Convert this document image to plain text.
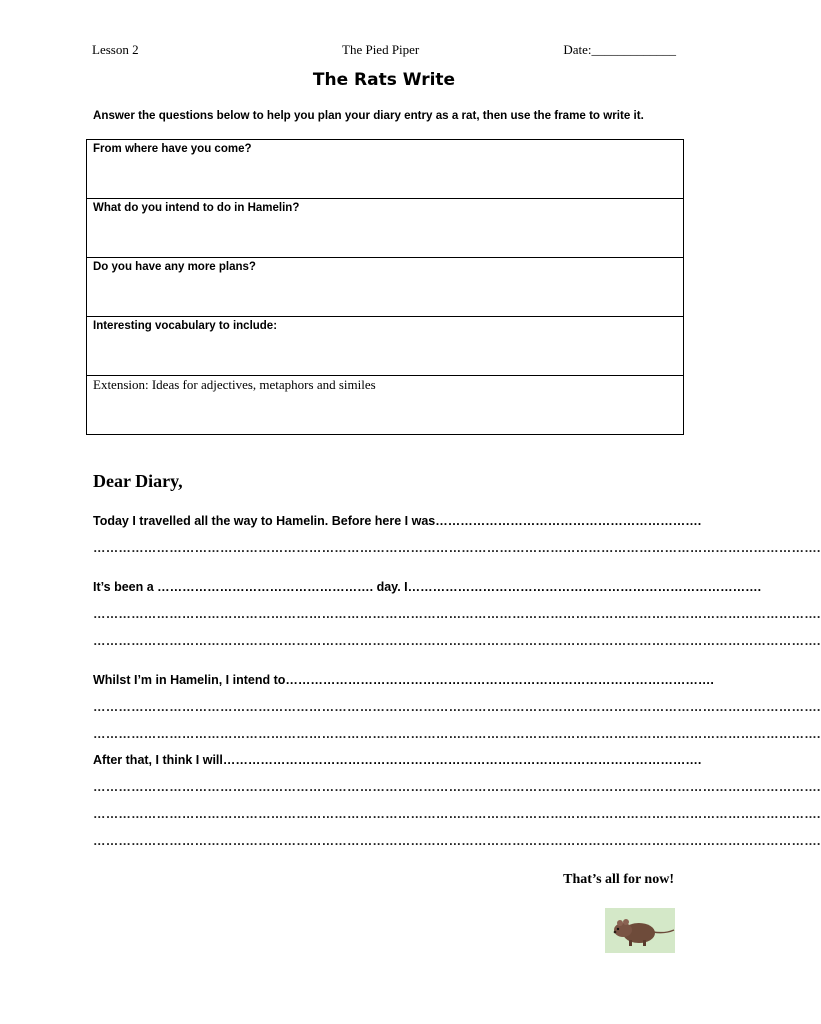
Lesson 2	The Pied Piper	Date:_____________
The Rats Write
Answer the questions below to help you plan your diary entry as a rat, then use the frame to write it.
From where have you come?
What do you intend to do in Hamelin?
Do you have any more plans?
Interesting vocabulary to include:
Extension: Ideas for adjectives, metaphors and similes
Dear Diary,
Today I travelled all the way to Hamelin. Before here I was……………………………………………………….
……………………………………………………………………………………………………………………………………………………….
It’s been a ……………………………………………. day. I………………………………………………………………………….
……………………………………………………………………………………………………………………………………………………….
……………………………………………………………………………………………………………………………………………………….
Whilst I’m in Hamelin, I intend to………………………………………………………………………………………….
……………………………………………………………………………………………………………………………………………………….
……………………………………………………………………………………………………………………………………………………….
After that, I think I will…………………………………………………………………………………………………….
……………………………………………………………………………………………………………………………………………………….
……………………………………………………………………………………………………………………………………………………….
……………………………………………………………………………………………………………………………………………………….
That’s all for now!
